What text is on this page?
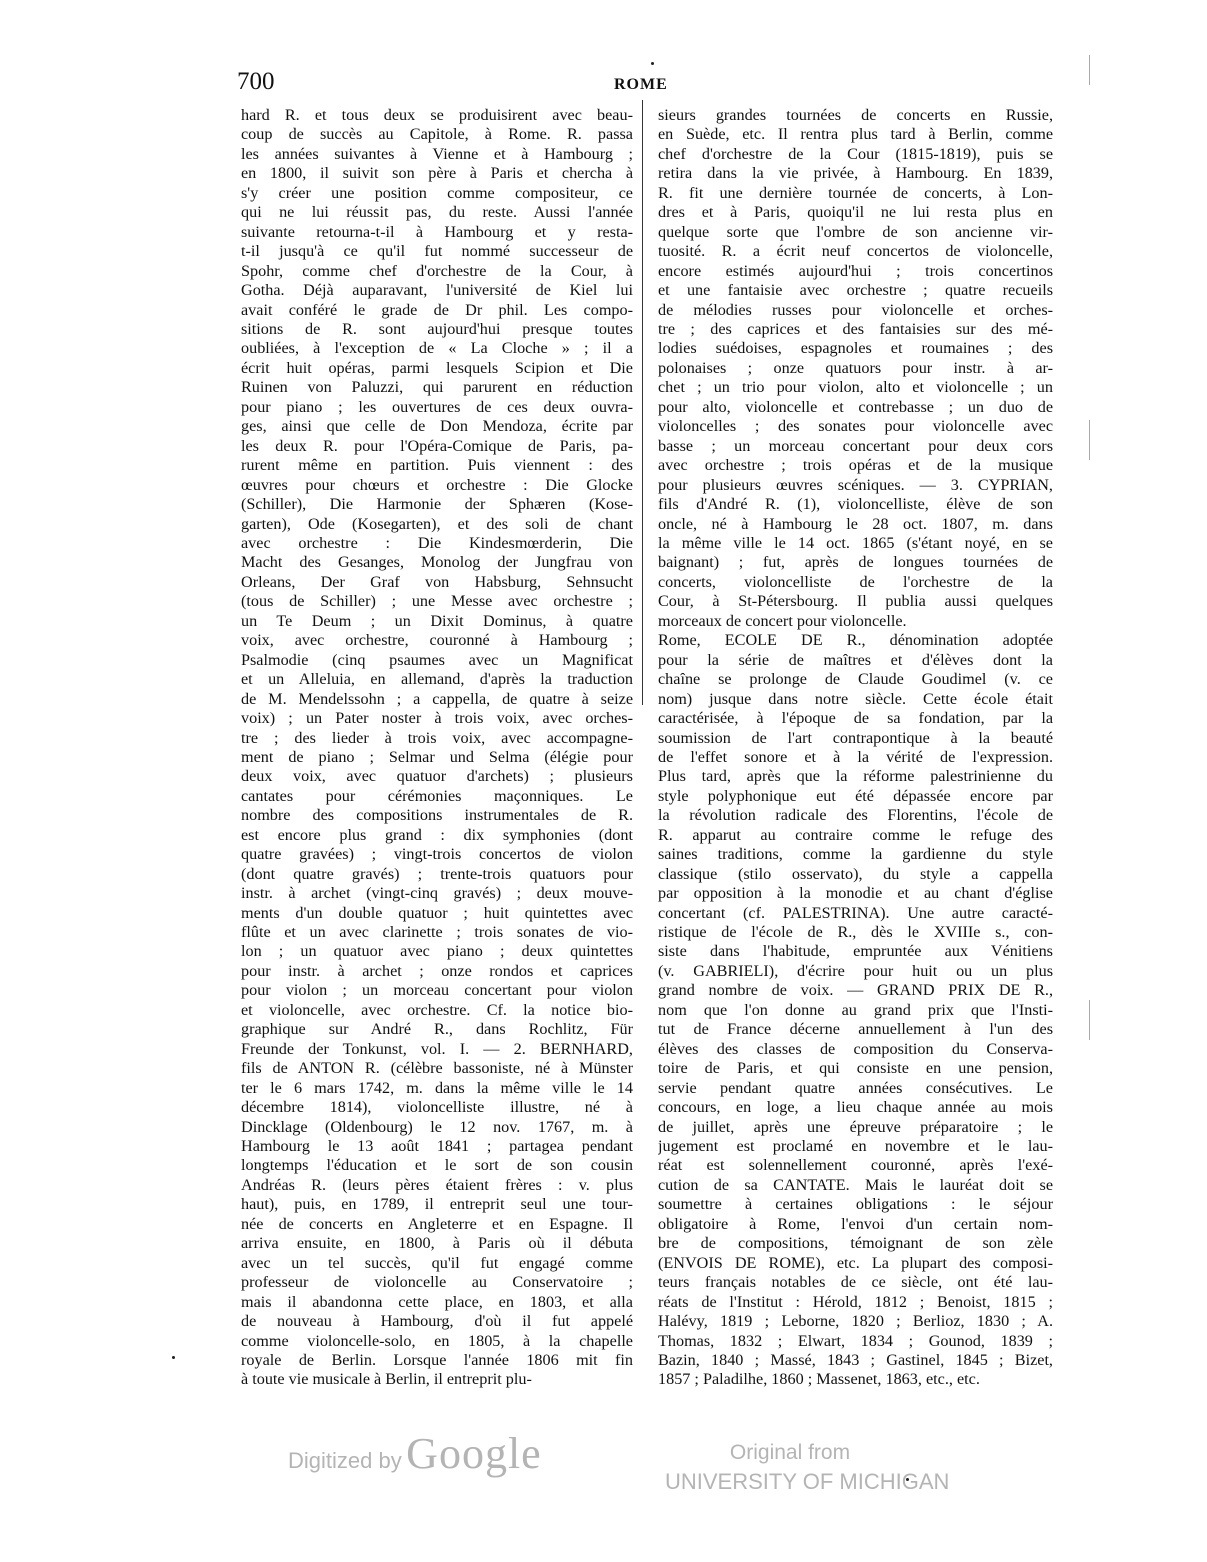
700	ROME
hard R. et tous deux se produisirent avec beau-
coup de succès au Capitole, à Rome. R. passa
les années suivantes à Vienne et à Hambourg ;
en 1800, il suivit son père à Paris et chercha à
s'y créer une position comme compositeur, ce
qui ne lui réussit pas, du reste. Aussi l'année
suivante retourna-t-il à Hambourg et y resta-
t-il jusqu'à ce qu'il fut nommé successeur de
Spohr, comme chef d'orchestre de la Cour, à
Gotha. Déjà auparavant, l'université de Kiel lui
avait conféré le grade de Dr phil. Les compo-
sitions de R. sont aujourd'hui presque toutes
oubliées, à l'exception de « La Cloche » ; il a
écrit huit opéras, parmi lesquels Scipion et Die
Ruinen von Paluzzi, qui parurent en réduction
pour piano ; les ouvertures de ces deux ouvra-
ges, ainsi que celle de Don Mendoza, écrite par
les deux R. pour l'Opéra-Comique de Paris, pa-
rurent même en partition. Puis viennent : des
œuvres pour chœurs et orchestre : Die Glocke
(Schiller), Die Harmonie der Sphæren (Kose-
garten), Ode (Kosegarten), et des soli de chant
avec orchestre : Die Kindesmœrderin, Die
Macht des Gesanges, Monolog der Jungfrau von
Orleans, Der Graf von Habsburg, Sehnsucht
(tous de Schiller) ; une Messe avec orchestre ;
un Te Deum ; un Dixit Dominus, à quatre
voix, avec orchestre, couronné à Hambourg ;
Psalmodie (cinq psaumes avec un Magnificat
et un Alleluia, en allemand, d'après la traduction
de M. Mendelssohn ; a cappella, de quatre à seize
voix) ; un Pater noster à trois voix, avec orches-
tre ; des lieder à trois voix, avec accompagne-
ment de piano ; Selmar und Selma (élégie pour
deux voix, avec quatuor d'archets) ; plusieurs
cantates pour cérémonies maçonniques. Le
nombre des compositions instrumentales de R.
est encore plus grand : dix symphonies (dont
quatre gravées) ; vingt-trois concertos de violon
(dont quatre gravés) ; trente-trois quatuors pour
instr. à archet (vingt-cinq gravés) ; deux mouve-
ments d'un double quatuor ; huit quintettes avec
flûte et un avec clarinette ; trois sonates de vio-
lon ; un quatuor avec piano ; deux quintettes
pour instr. à archet ; onze rondos et caprices
pour violon ; un morceau concertant pour violon
et violoncelle, avec orchestre. Cf. la notice bio-
graphique sur André R., dans Rochlitz, Für
Freunde der Tonkunst, vol. I. — 2. BERNHARD,
fils de ANTON R. (célèbre bassoniste, né à Münster
ter le 6 mars 1742, m. dans la même ville le 14
décembre 1814), violoncelliste illustre, né à
Dincklage (Oldenbourg) le 12 nov. 1767, m. à
Hambourg le 13 août 1841 ; partagea pendant
longtemps l'éducation et le sort de son cousin
Andréas R. (leurs pères étaient frères : v. plus
haut), puis, en 1789, il entreprit seul une tour-
née de concerts en Angleterre et en Espagne. Il
arriva ensuite, en 1800, à Paris où il débuta
avec un tel succès, qu'il fut engagé comme
professeur de violoncelle au Conservatoire ;
mais il abandonna cette place, en 1803, et alla
de nouveau à Hambourg, d'où il fut appelé
comme violoncelle-solo, en 1805, à la chapelle
royale de Berlin. Lorsque l'année 1806 mit fin
à toute vie musicale à Berlin, il entreprit plu-
sieurs grandes tournées de concerts en Russie,
en Suède, etc. Il rentra plus tard à Berlin, comme
chef d'orchestre de la Cour (1815-1819), puis se
retira dans la vie privée, à Hambourg. En 1839,
R. fit une dernière tournée de concerts, à Lon-
dres et à Paris, quoiqu'il ne lui resta plus en
quelque sorte que l'ombre de son ancienne vir-
tuosité. R. a écrit neuf concertos de violoncelle,
encore estimés aujourd'hui ; trois concertinos
et une fantaisie avec orchestre ; quatre recueils
de mélodies russes pour violoncelle et orches-
tre ; des caprices et des fantaisies sur des mé-
lodies suédoises, espagnoles et roumaines ; des
polonaises ; onze quatuors pour instr. à ar-
chet ; un trio pour violon, alto et violoncelle ; un
pour alto, violoncelle et contrebasse ; un duo de
violoncelles ; des sonates pour violoncelle avec
basse ; un morceau concertant pour deux cors
avec orchestre ; trois opéras et de la musique
pour plusieurs œuvres scéniques. — 3. CYPRIAN,
fils d'André R. (1), violoncelliste, élève de son
oncle, né à Hambourg le 28 oct. 1807, m. dans
la même ville le 14 oct. 1865 (s'étant noyé, en se
baignant) ; fut, après de longues tournées de
concerts, violoncelliste de l'orchestre de la
Cour, à St-Pétersbourg. Il publia aussi quelques
morceaux de concert pour violoncelle.
Rome, ECOLE DE R., dénomination adoptée
pour la série de maîtres et d'élèves dont la
chaîne se prolonge de Claude Goudimel (v. ce
nom) jusque dans notre siècle. Cette école était
caractérisée, à l'époque de sa fondation, par la
soumission de l'art contrapontique à la beauté
de l'effet sonore et à la vérité de l'expression.
Plus tard, après que la réforme palestrinienne du
style polyphonique eut été dépassée encore par
la révolution radicale des Florentins, l'école de
R. apparut au contraire comme le refuge des
saines traditions, comme la gardienne du style
classique (stilo osservato), du style a cappella
par opposition à la monodie et au chant d'église
concertant (cf. PALESTRINA). Une autre caracté-
ristique de l'école de R., dès le XVIIIe s., con-
siste dans l'habitude, empruntée aux Vénitiens
(v. GABRIELI), d'écrire pour huit ou un plus
grand nombre de voix. — GRAND PRIX DE R.,
nom que l'on donne au grand prix que l'Insti-
tut de France décerne annuellement à l'un des
élèves des classes de composition du Conserva-
toire de Paris, et qui consiste en une pension,
servie pendant quatre années consécutives. Le
concours, en loge, a lieu chaque année au mois
de juillet, après une épreuve préparatoire ; le
jugement est proclamé en novembre et le lau-
réat est solennellement couronné, après l'exé-
cution de sa CANTATE. Mais le lauréat doit se
soumettre à certaines obligations : le séjour
obligatoire à Rome, l'envoi d'un certain nom-
bre de compositions, témoignant de son zèle
(ENVOIS DE ROME), etc. La plupart des composi-
teurs français notables de ce siècle, ont été lau-
réats de l'Institut : Hérold, 1812 ; Benoist, 1815 ;
Halévy, 1819 ; Leborne, 1820 ; Berlioz, 1830 ; A.
Thomas, 1832 ; Elwart, 1834 ; Gounod, 1839 ;
Bazin, 1840 ; Massé, 1843 ; Gastinel, 1845 ; Bizet,
1857 ; Paladilhe, 1860 ; Massenet, 1863, etc., etc.
Digitized by Google	Original from
UNIVERSITY OF MICHIGAN
